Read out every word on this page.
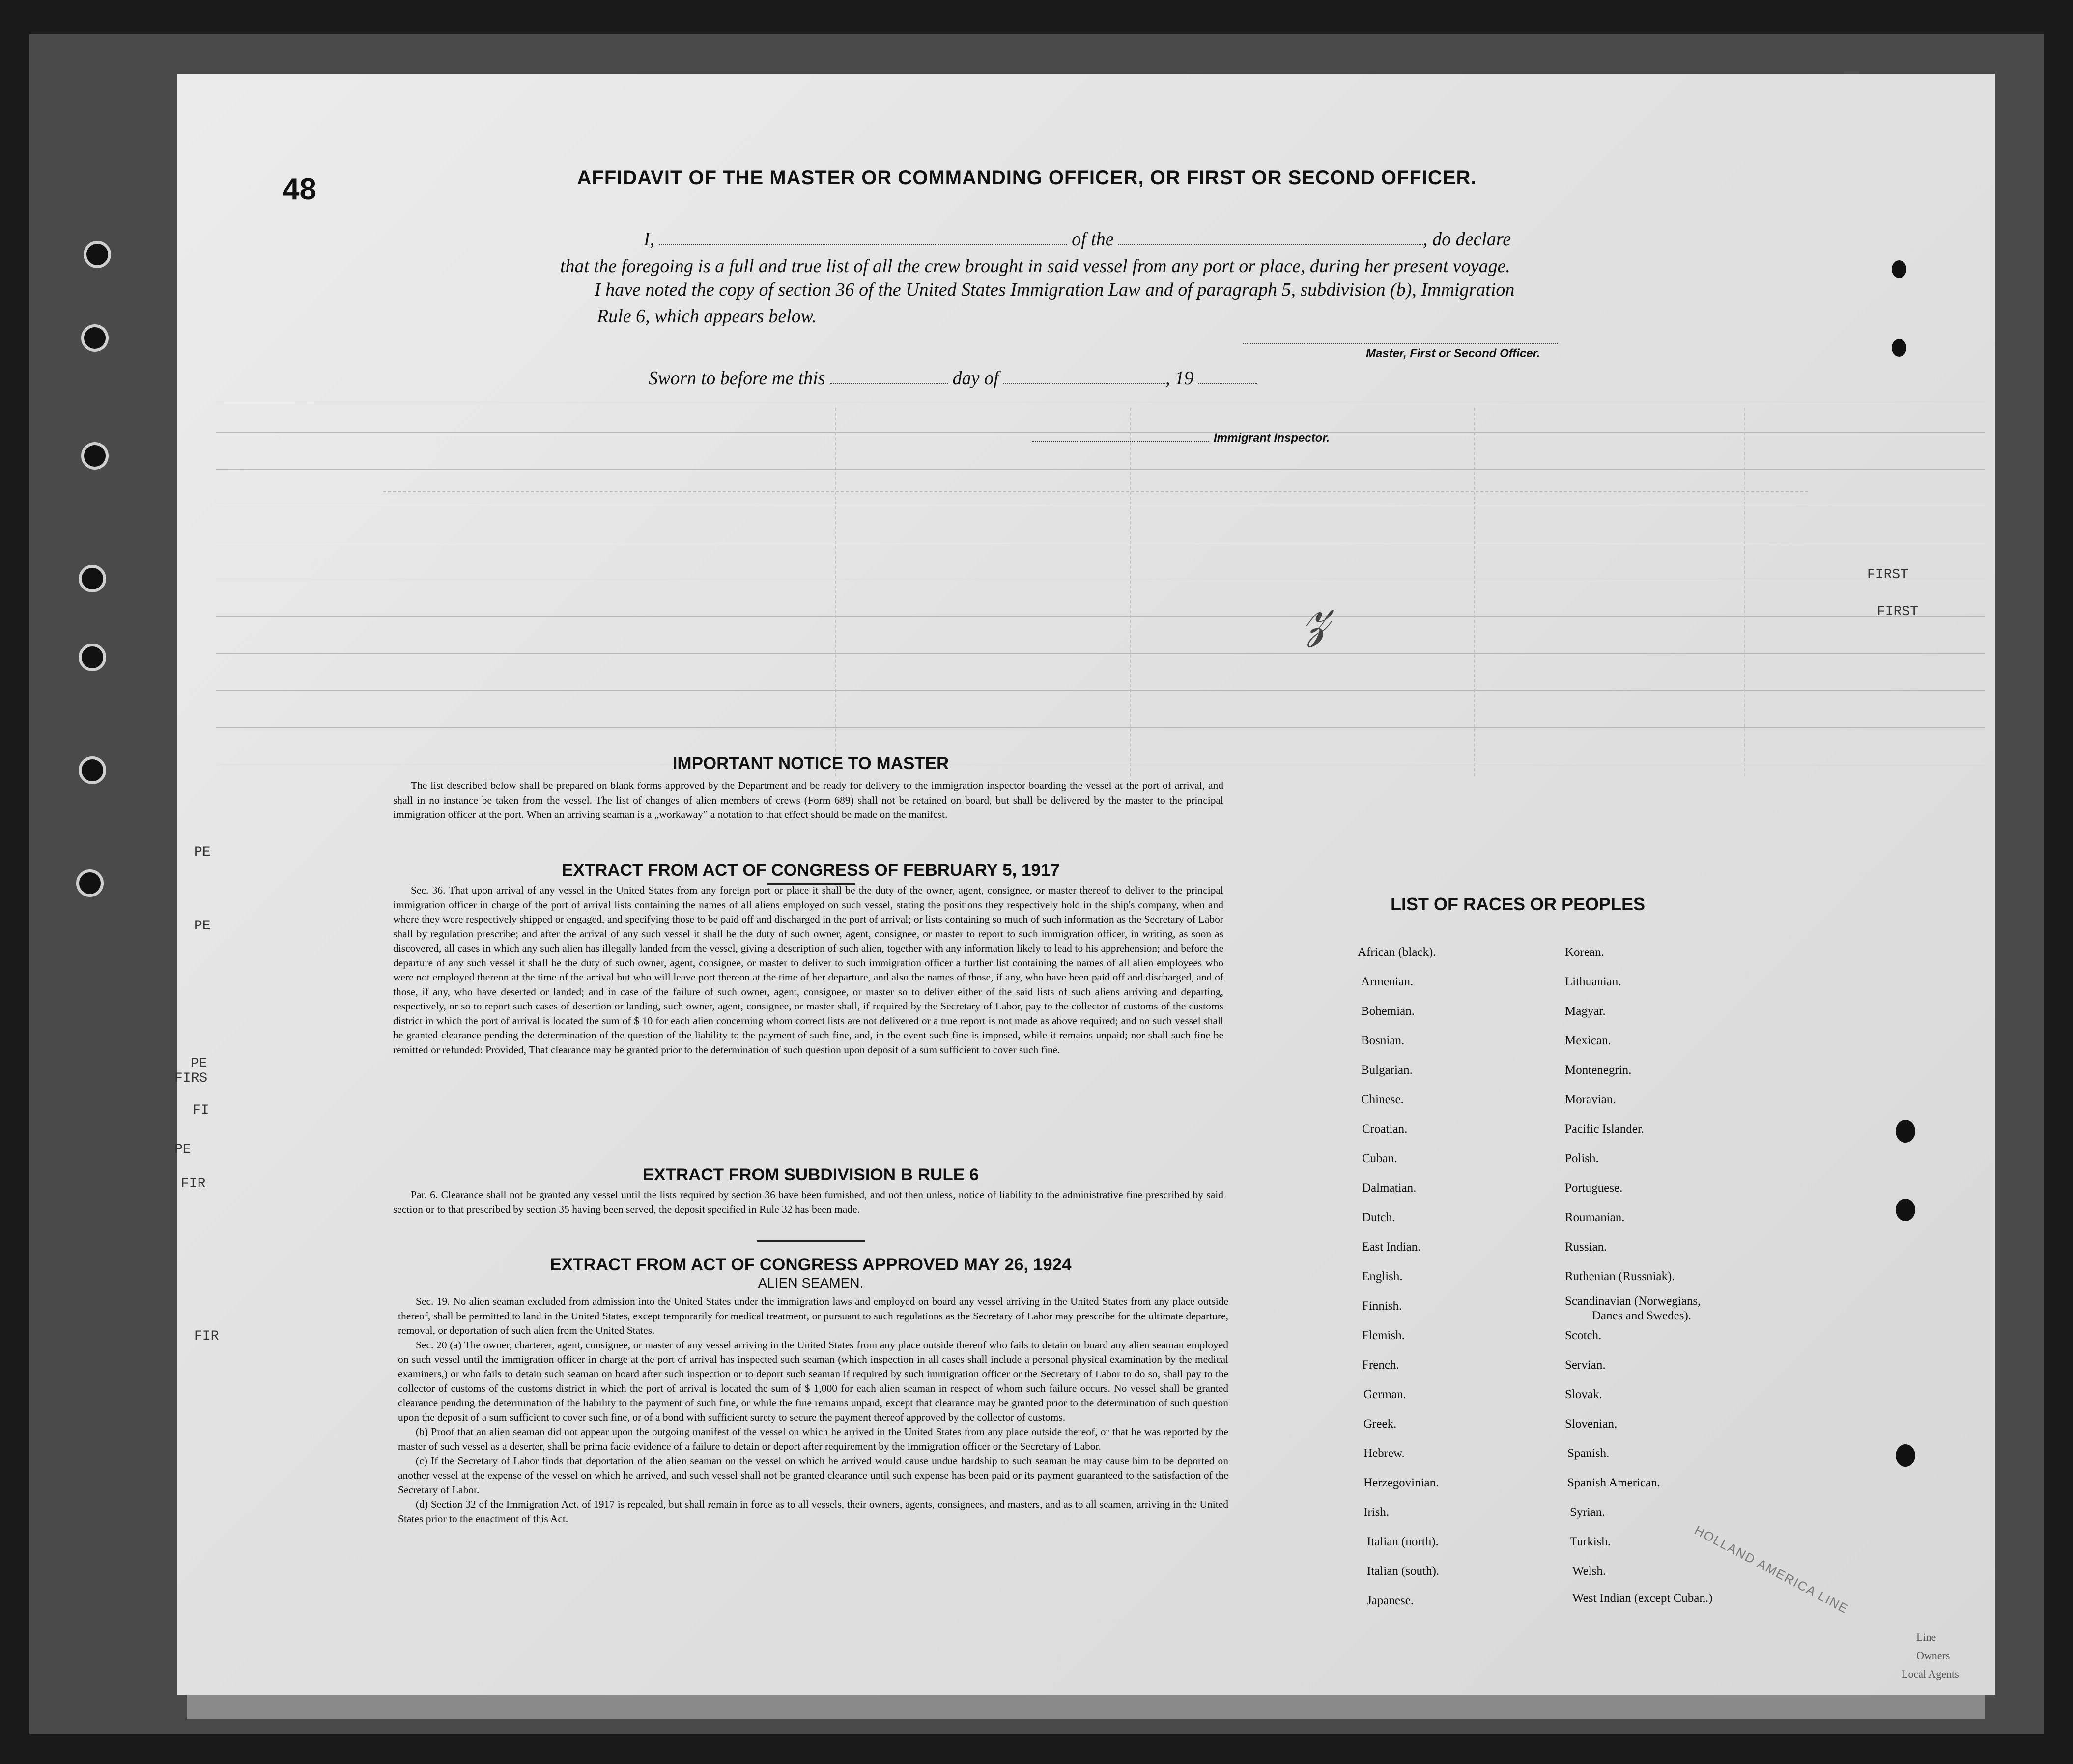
FIRST
FIRST
PE
PE
PE
FIRS
FI
PE
FIR
FIR
48	AFFIDAVIT OF THE MASTER OR COMMANDING OFFICER, OR FIRST OR SECOND OFFICER.
I,	of the	, do declare
that the foregoing is a full and true list of all the crew brought in said vessel from any port or place, during her present voyage.
I have noted the copy of section 36 of the United States Immigration Law and of paragraph 5, subdivision (b), Immigration
Rule 6, which appears below.
Master, First or Second Officer.
Sworn to before me this	day of	, 19
Immigrant Inspector.
𝓏
IMPORTANT NOTICE TO MASTER

The list described below shall be prepared on blank forms approved by the Department and be ready for delivery to the immigration inspector boarding the vessel at the port of arrival, and shall in no instance be taken from the vessel. The list of changes of alien members of crews (Form 689) shall not be retained on board, but shall be delivered by the master to the principal immigration officer at the port. When an arriving seaman is a „workaway” a notation to that effect should be made on the manifest.

EXTRACT FROM ACT OF CONGRESS OF FEBRUARY 5, 1917

Sec. 36. That upon arrival of any vessel in the United States from any foreign port or place it shall be the duty of the owner, agent, consignee, or master thereof to deliver to the principal immigration officer in charge of the port of arrival lists containing the names of all aliens employed on such vessel, stating the positions they respectively hold in the ship's company, when and where they were respectively shipped or engaged, and specifying those to be paid off and discharged in the port of arrival; or lists containing so much of such information as the Secretary of Labor shall by regulation prescribe; and after the arrival of any such vessel it shall be the duty of such owner, agent, consignee, or master to report to such immigration officer, in writing, as soon as discovered, all cases in which any such alien has illegally landed from the vessel, giving a description of such alien, together with any information likely to lead to his apprehension; and before the departure of any such vessel it shall be the duty of such owner, agent, consignee, or master to deliver to such immigration officer a further list containing the names of all alien employees who were not employed thereon at the time of the arrival but who will leave port thereon at the time of her departure, and also the names of those, if any, who have been paid off and discharged, and of those, if any, who have deserted or landed; and in case of the failure of such owner, agent, consignee, or master so to deliver either of the said lists of such aliens arriving and departing, respectively, or so to report such cases of desertion or landing, such owner, agent, consignee, or master shall, if required by the Secretary of Labor, pay to the collector of customs of the customs district in which the port of arrival is located the sum of $ 10 for each alien concerning whom correct lists are not delivered or a true report is not made as above required; and no such vessel shall be granted clearance pending the determination of the question of the liability to the payment of such fine, and, in the event such fine is imposed, while it remains unpaid; nor shall such fine be remitted or refunded: Provided, That clearance may be granted prior to the determination of such question upon deposit of a sum sufficient to cover such fine.

EXTRACT FROM SUBDIVISION B RULE 6

Par. 6. Clearance shall not be granted any vessel until the lists required by section 36 have been furnished, and not then unless, notice of liability to the administrative fine prescribed by said section or to that prescribed by section 35 having been served, the deposit specified in Rule 32 has been made.

EXTRACT FROM ACT OF CONGRESS APPROVED MAY 26, 1924
ALIEN SEAMEN.

Sec. 19. No alien seaman excluded from admission into the United States under the immigration laws and employed on board any vessel arriving in the United States from any place outside thereof, shall be permitted to land in the United States, except temporarily for medical treatment, or pursuant to such regulations as the Secretary of Labor may prescribe for the ultimate departure, removal, or deportation of such alien from the United States.

Sec. 20 (a) The owner, charterer, agent, consignee, or master of any vessel arriving in the United States from any place outside thereof who fails to detain on board any alien seaman employed on such vessel until the immigration officer in charge at the port of arrival has inspected such seaman (which inspection in all cases shall include a personal physical examination by the medical examiners,) or who fails to detain such seaman on board after such inspection or to deport such seaman if required by such immigration officer or the Secretary of Labor to do so, shall pay to the collector of customs of the customs district in which the port of arrival is located the sum of $ 1,000 for each alien seaman in respect of whom such failure occurs. No vessel shall be granted clearance pending the determination of the liability to the payment of such fine, or while the fine remains unpaid, except that clearance may be granted prior to the determination of such question upon the deposit of a sum sufficient to cover such fine, or of a bond with sufficient surety to secure the payment thereof approved by the collector of customs.

(b) Proof that an alien seaman did not appear upon the outgoing manifest of the vessel on which he arrived in the United States from any place outside thereof, or that he was reported by the master of such vessel as a deserter, shall be prima facie evidence of a failure to detain or deport after requirement by the immigration officer or the Secretary of Labor.

(c) If the Secretary of Labor finds that deportation of the alien seaman on the vessel on which he arrived would cause undue hardship to such seaman he may cause him to be deported on another vessel at the expense of the vessel on which he arrived, and such vessel shall not be granted clearance until such expense has been paid or its payment guaranteed to the satisfaction of the Secretary of Labor.

(d) Section 32 of the Immigration Act. of 1917 is repealed, but shall remain in force as to all vessels, their owners, agents, consignees, and masters, and as to all seamen, arriving in the United States prior to the enactment of this Act.

LIST OF RACES OR PEOPLES
African (black).
Armenian.
Bohemian.
Bosnian.
Bulgarian.
Chinese.
Croatian.
Cuban.
Dalmatian.
Dutch.
East Indian.
English.
Finnish.
Flemish.
French.
German.
Greek.
Hebrew.
Herzegovinian.
Irish.
Italian (north).
Italian (south).
Japanese.
Korean.
Lithuanian.
Magyar.
Mexican.
Montenegrin.
Moravian.
Pacific Islander.
Polish.
Portuguese.
Roumanian.
Russian.
Ruthenian (Russniak).
Scandinavian (Norwegians,
Danes and Swedes).
Scotch.
Servian.
Slovak.
Slovenian.
Spanish.
Spanish American.
Syrian.
Turkish.
Welsh.
West Indian (except Cuban.)
HOLLAND AMERICA LINE
Line
Owners
Local Agents
